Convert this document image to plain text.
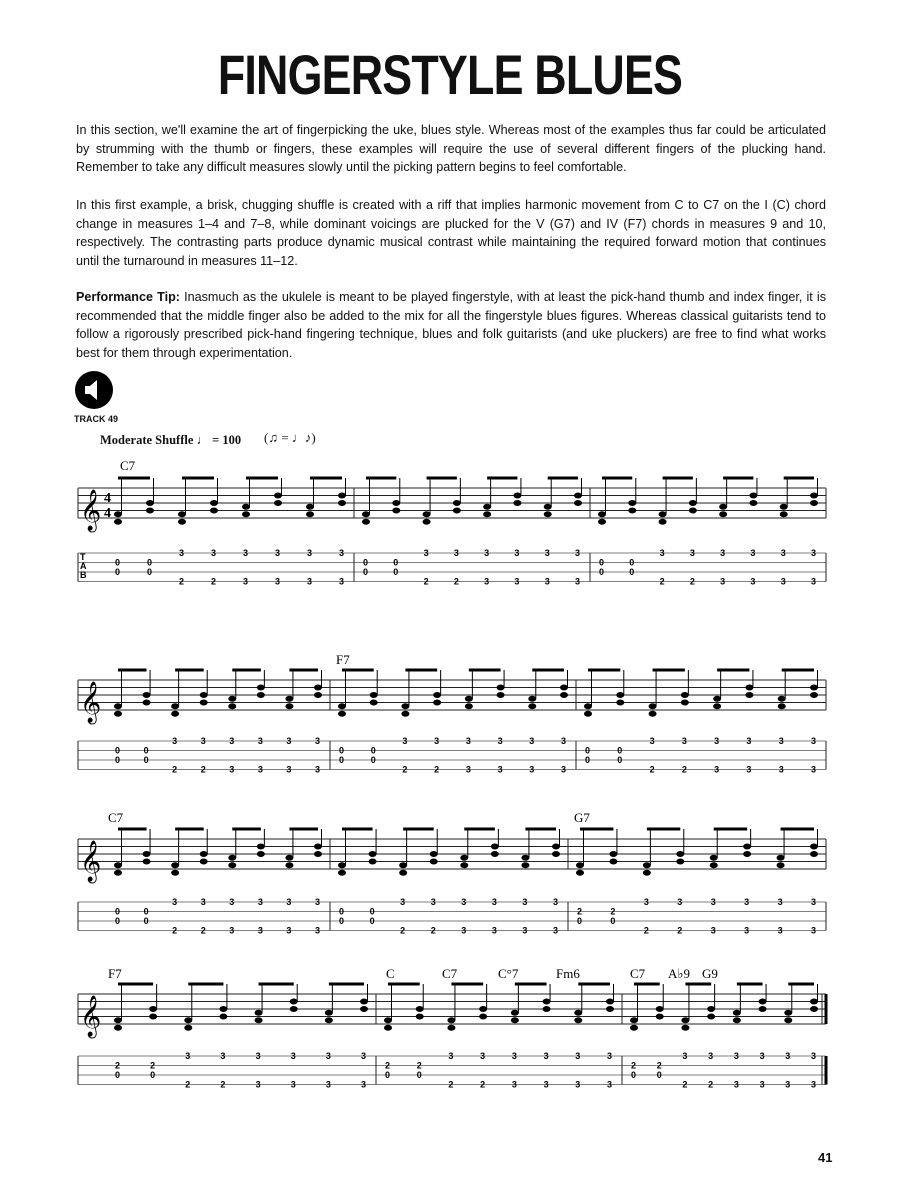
FINGERSTYLE BLUES
In this section, we'll examine the art of fingerpicking the uke, blues style. Whereas most of the examples thus far could be articulated by strumming with the thumb or fingers, these examples will require the use of several different fingers of the plucking hand. Remember to take any difficult measures slowly until the picking pattern begins to feel comfortable.
In this first example, a brisk, chugging shuffle is created with a riff that implies harmonic movement from C to C7 on the I (C) chord change in measures 1–4 and 7–8, while dominant voicings are plucked for the V (G7) and IV (F7) chords in measures 9 and 10, respectively. The contrasting parts produce dynamic musical contrast while maintaining the required forward motion that continues until the turnaround in measures 11–12.
Performance Tip: Inasmuch as the ukulele is meant to be played fingerstyle, with at least the pick-hand thumb and index finger, it is recommended that the middle finger also be added to the mix for all the fingerstyle blues figures. Whereas classical guitarists tend to follow a rigorously prescribed pick-hand fingering technique, blues and folk guitarists (and uke pluckers) are free to find what works best for them through experimentation.
TRACK 49
Moderate Shuffle ♩ = 100 (♫ = ♩♪)
𝄞 4
4
T
A
B
0
0
0
0
3
2
3
2
3
3
3
3
3
3
3
3
0
0
0
0
3
2
3
2
3
3
3
3
3
3
3
3
0
0
0
0
3
2
3
2
3
3
3
3
3
3
3
3
𝄞
0
0
0
0
3
2
3
2
3
3
3
3
3
3
3
3
0
0
0
0
3
2
3
2
3
3
3
3
3
3
3
3
0
0
0
0
3
2
3
2
3
3
3
3
3
3
3
3
𝄞
0
0
0
0
3
2
3
2
3
3
3
3
3
3
3
3
0
0
0
0
3
2
3
2
3
3
3
3
3
3
3
3
2
0
2
0
3
2
3
2
3
3
3
3
3
3
3
3
𝄞
2
0
2
0
3
2
3
2
3
3
3
3
3
3
3
3
2
0
2
0
3
2
3
2
3
3
3
3
3
3
3
3
2
0
2
0
3
2
3
2
3
3
3
3
3
3
3
3
C7
F7
C7	G7
F7	C	C7	C°7	Fm6	C7 A♭9 G9
41
